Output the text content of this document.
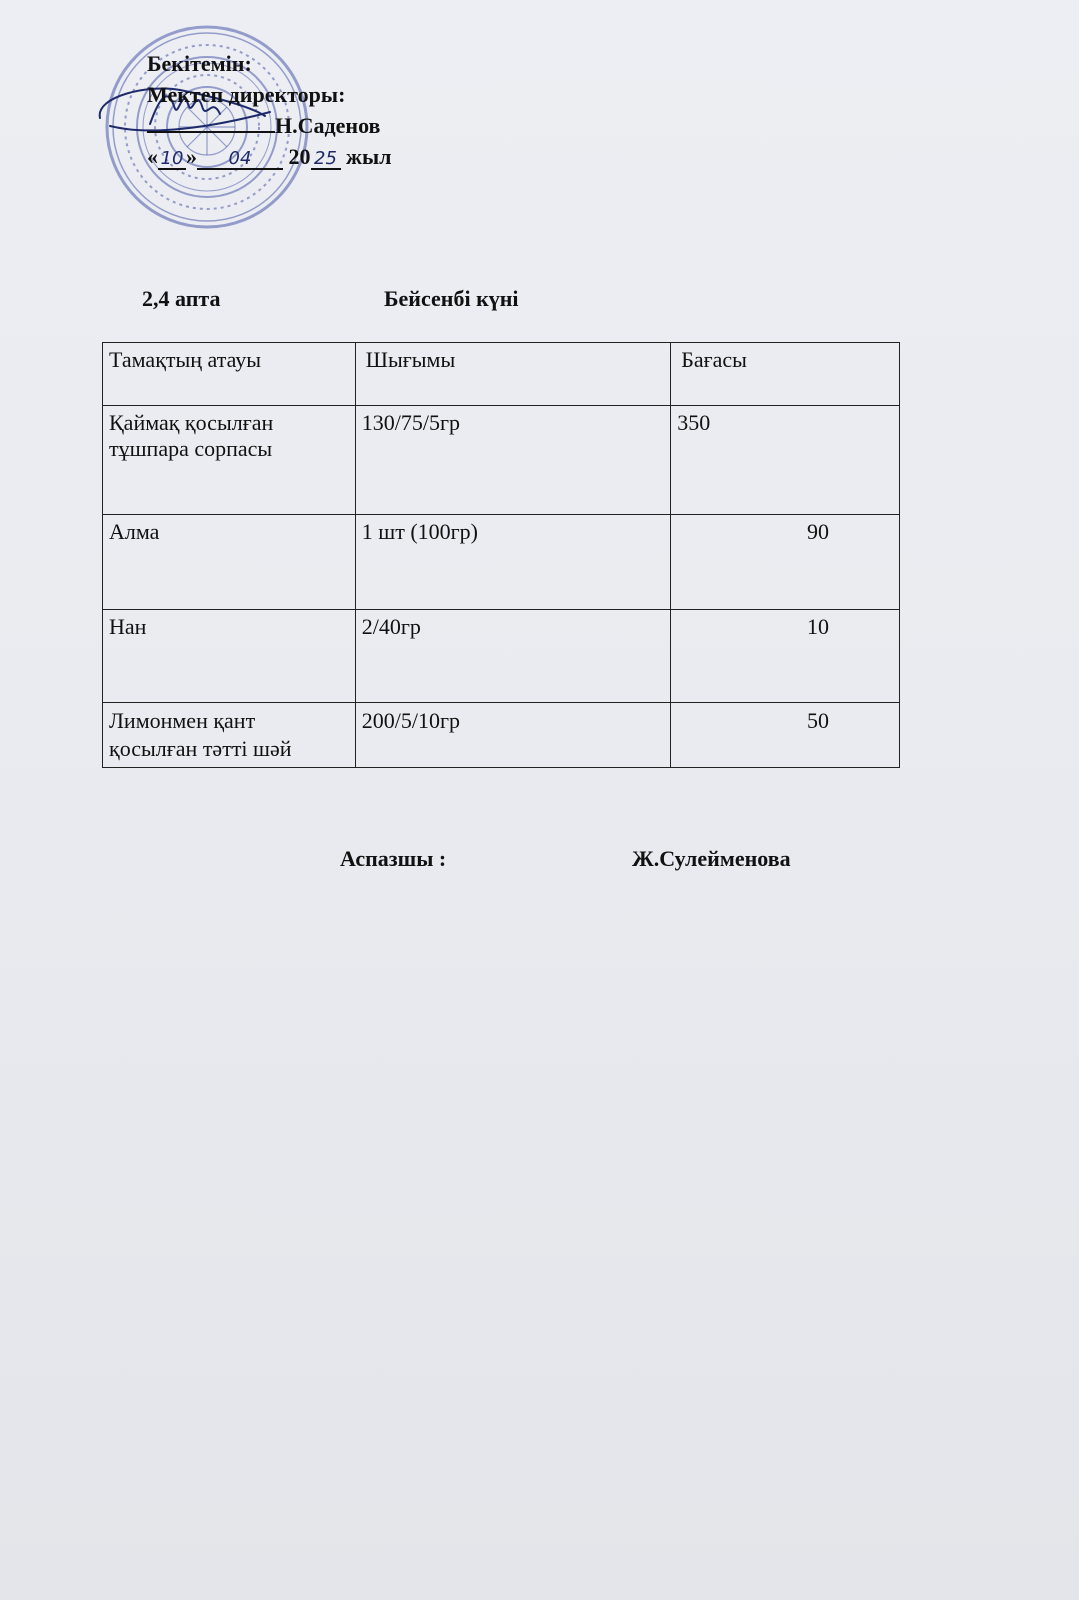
Бекітемін:
Мектеп директоры:
Н.Саденов
« 10 » 04 20 25 жыл
2,4 апта	Бейсенбі күні
Тамақтың атауы	Шығымы	Бағасы
Қаймақ қосылған тұшпара сорпасы	130/75/5гр	350
Алма	1 шт (100гр)	90
Нан	2/40гр	10
Лимонмен қант қосылған тәтті шәй	200/5/10гр	50
Аспазшы :	Ж.Сулейменова
